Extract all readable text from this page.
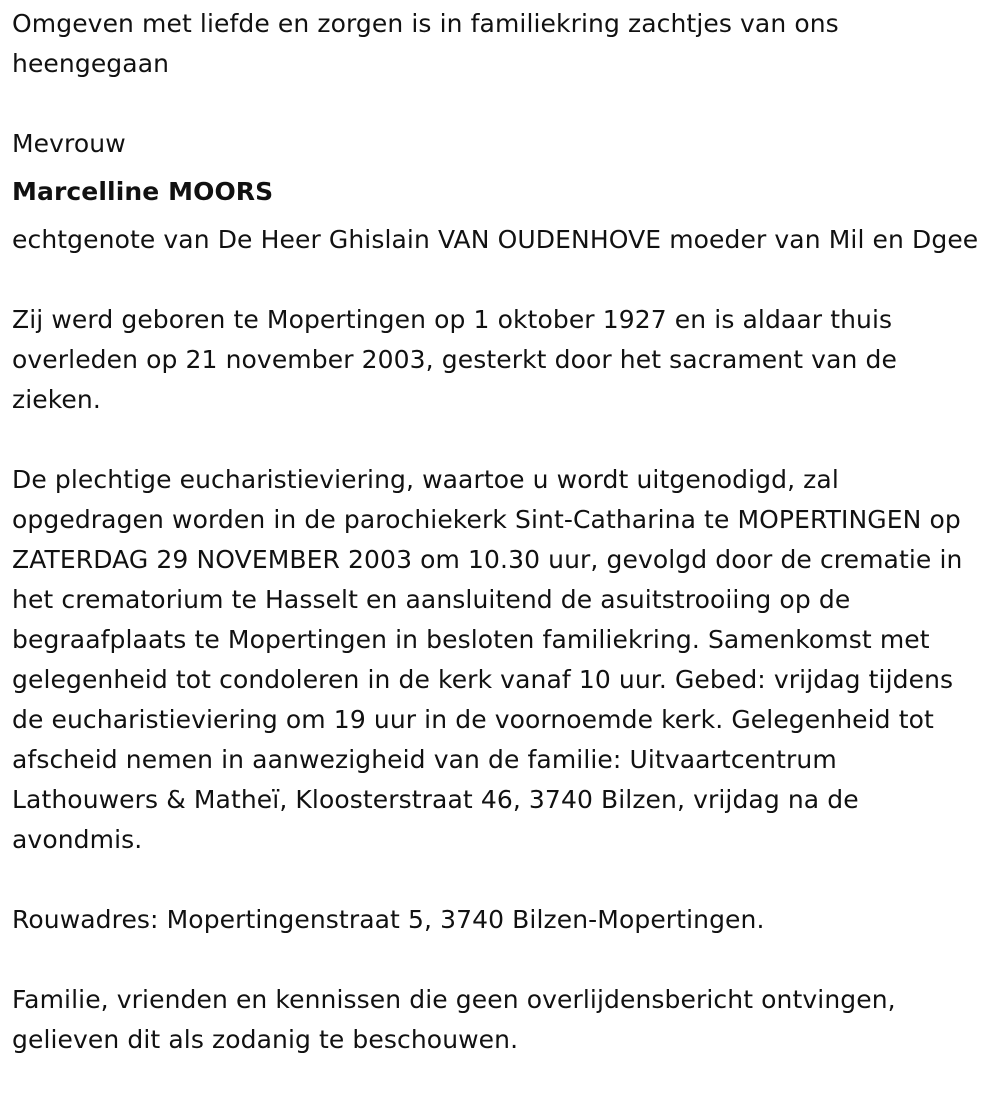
Omgeven met liefde en zorgen is in familiekring zachtjes van ons heengegaan

Mevrouw

Marcelline MOORS

echtgenote van De Heer Ghislain VAN OUDENHOVE moeder van Mil en Dgee

Zij werd geboren te Mopertingen op 1 oktober 1927 en is aldaar thuis overleden op 21 november 2003, gesterkt door het sacrament van de zieken.

De plechtige eucharistieviering, waartoe u wordt uitgenodigd, zal opgedragen worden in de parochiekerk Sint-Catharina te MOPERTINGEN op ZATERDAG 29 NOVEMBER 2003 om 10.30 uur, gevolgd door de crematie in het crematorium te Hasselt en aansluitend de asuitstrooiing op de begraafplaats te Mopertingen in besloten familiekring. Samenkomst met gelegenheid tot condoleren in de kerk vanaf 10 uur. Gebed: vrijdag tijdens de eucharistieviering om 19 uur in de voornoemde kerk. Gelegenheid tot afscheid nemen in aanwezigheid van de familie: Uitvaartcentrum Lathouwers & Matheï, Kloosterstraat 46, 3740 Bilzen, vrijdag na de avondmis.

Rouwadres: Mopertingenstraat 5, 3740 Bilzen-Mopertingen.

Familie, vrienden en kennissen die geen overlijdensbericht ontvingen, gelieven dit als zodanig te beschouwen.
